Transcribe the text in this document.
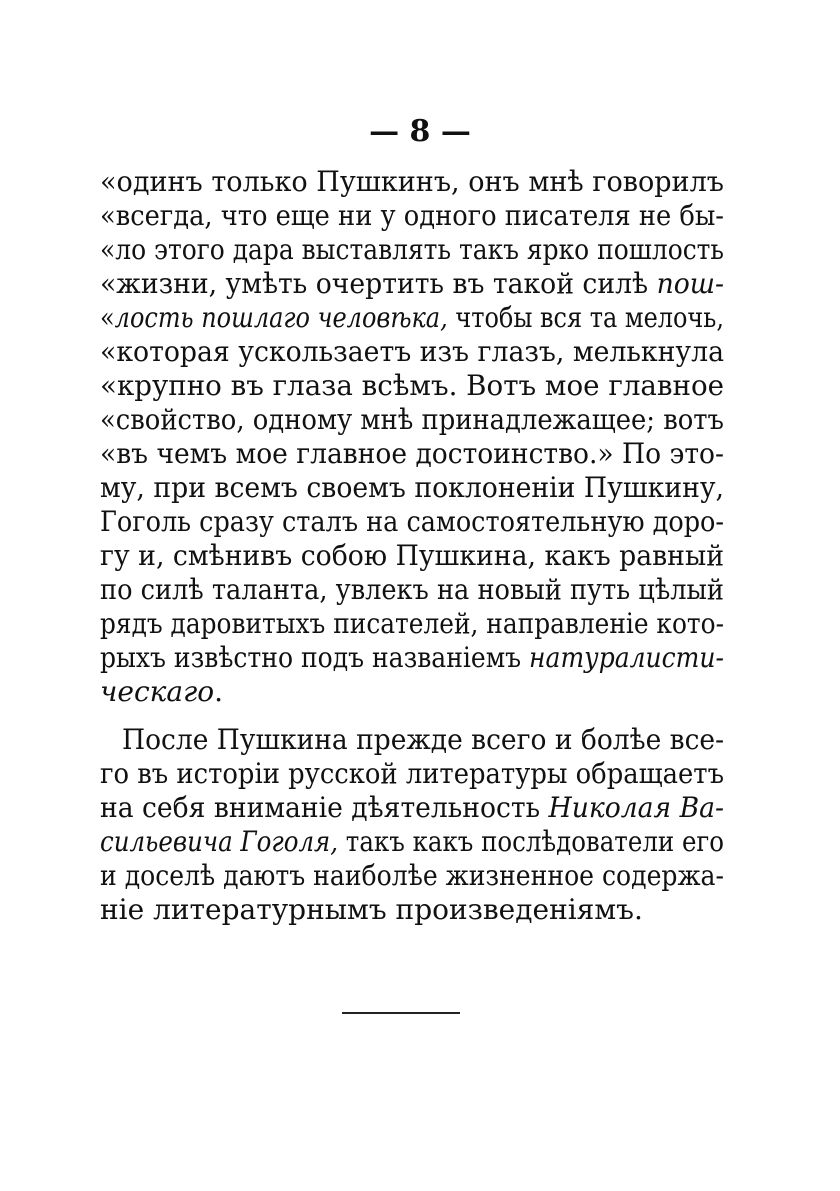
— 8 —
«одинъ только Пушкинъ, онъ мнѣ говорилъ
«всегда, что еще ни у одного писателя не бы-
«ло этого дара выставлять такъ ярко пошлость
«жизни, умѣть очертить въ такой силѣ пош-
«лость пошлаго человѣка, чтобы вся та мелочь,
«которая ускользаетъ изъ глазъ, мелькнула
«крупно въ глаза всѣмъ. Вотъ мое главное
«свойство, одному мнѣ принадлежащее; вотъ
«въ чемъ мое главное достоинство.» По это-
му, при всемъ своемъ поклоненіи Пушкину,
Гоголь сразу сталъ на самостоятельную доро-
гу и, смѣнивъ собою Пушкина, какъ равный
по силѣ таланта, увлекъ на новый путь цѣлый
рядъ даровитыхъ писателей, направленіе кото-
рыхъ извѣстно подъ названіемъ натуралисти-
ческаго.
После Пушкина прежде всего и болѣе все-
го въ исторіи русской литературы обращаетъ
на себя вниманіе дѣятельность Николая Ва-
сильевича Гоголя, такъ какъ послѣдователи его
и доселѣ даютъ наиболѣе жизненное содержа-
ніе литературнымъ произведеніямъ.
